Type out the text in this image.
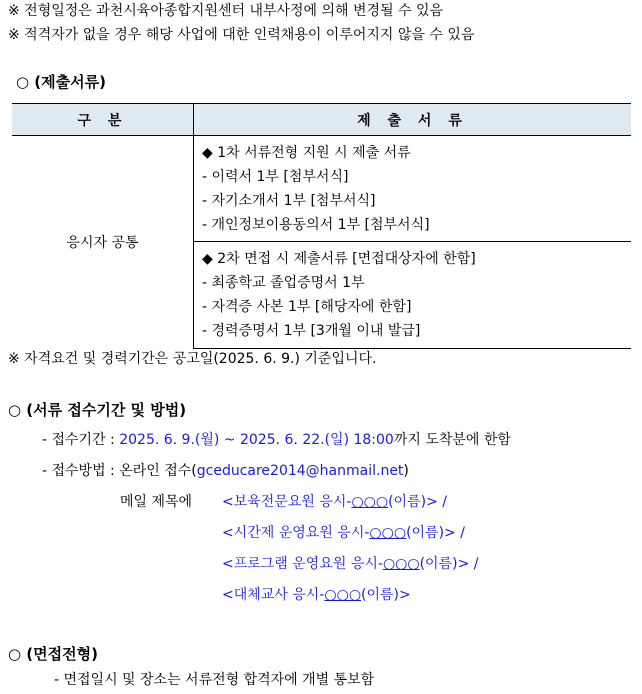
※ 전형일정은 과천시육아종합지원센터 내부사정에 의해 변경될 수 있음
※ 적격자가 없을 경우 해당 사업에 대한 인력채용이 이루어지지 않을 수 있음
○ (제출서류)
구 분	제 출 서 류
응시자 공통	◆ 1차 서류전형 지원 시 제출 서류
- 이력서 1부 [첨부서식]
- 자기소개서 1부 [첨부서식]
- 개인정보이용동의서 1부 [첨부서식]

	◆ 2차 면접 시 제출서류 [면접대상자에 한함]
- 최종학교 졸업증명서 1부
- 자격증 사본 1부 [해당자에 한함]
- 경력증명서 1부 [3개월 이내 발급]
※ 자격요건 및 경력기간은 공고일(2025. 6. 9.) 기준입니다.
○ (서류 접수기간 및 방법)
- 접수기간 : 2025. 6. 9.(월) ~ 2025. 6. 22.(일) 18:00까지 도착분에 한함
- 접수방법 : 온라인 접수(gceducare2014@hanmail.net)
메일 제목에 <보육전문요원 응시-○○○(이름)> /
<시간제 운영요원 응시-○○○(이름)> /
<프로그램 운영요원 응시-○○○(이름)> /
<대체교사 응시-○○○(이름)>
○ (면접전형)
- 면접일시 및 장소는 서류전형 합격자에 개별 통보함
